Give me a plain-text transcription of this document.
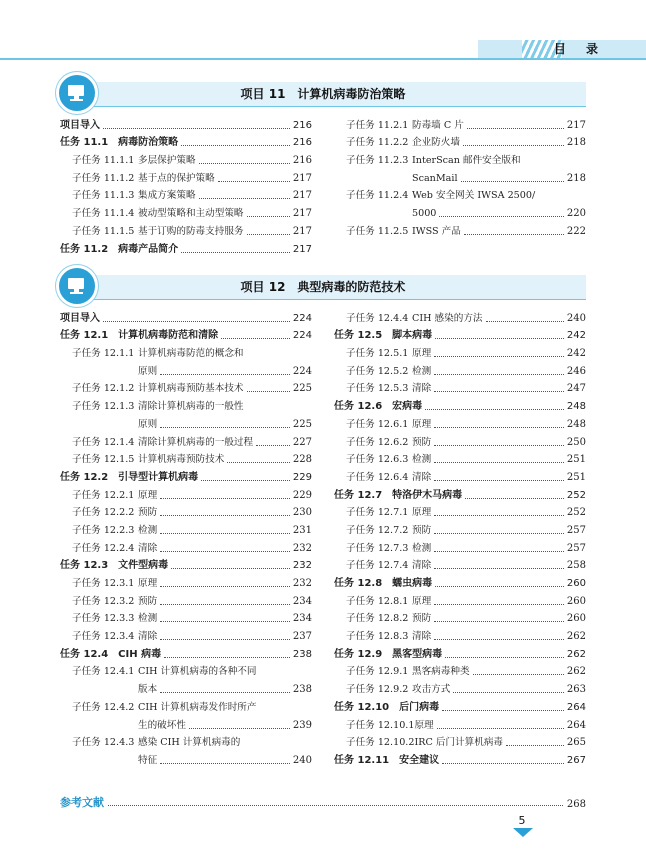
目 录
项目 11　计算机病毒防治策略
项目导入	216
任务 11.1 病毒防治策略	216
子任务 11.1.1 多层保护策略	216
子任务 11.1.2 基于点的保护策略	217
子任务 11.1.3 集成方案策略	217
子任务 11.1.4 被动型策略和主动型策略	217
子任务 11.1.5 基于订购的防毒支持服务	217
任务 11.2 病毒产品简介	217
子任务 11.2.1 防毒墙 C 片	217
子任务 11.2.2 企业防火墙	218
子任务 11.2.3 InterScan 邮件安全版和
ScanMail	218
子任务 11.2.4 Web 安全网关 IWSA 2500/
5000	220
子任务 11.2.5 IWSS 产品	222
项目 12　典型病毒的防范技术
项目导入	224
任务 12.1 计算机病毒防范和清除	224
子任务 12.1.1 计算机病毒防范的概念和
原则	224
子任务 12.1.2 计算机病毒预防基本技术	225
子任务 12.1.3 清除计算机病毒的一般性
原则	225
子任务 12.1.4 清除计算机病毒的一般过程	227
子任务 12.1.5 计算机病毒预防技术	228
任务 12.2 引导型计算机病毒	229
子任务 12.2.1 原理	229
子任务 12.2.2 预防	230
子任务 12.2.3 检测	231
子任务 12.2.4 清除	232
任务 12.3 文件型病毒	232
子任务 12.3.1 原理	232
子任务 12.3.2 预防	234
子任务 12.3.3 检测	234
子任务 12.3.4 清除	237
任务 12.4 CIH 病毒	238
子任务 12.4.1 CIH 计算机病毒的各种不同
版本	238
子任务 12.4.2 CIH 计算机病毒发作时所产
生的破坏性	239
子任务 12.4.3 感染 CIH 计算机病毒的
特征	240
子任务 12.4.4 CIH 感染的方法	240
任务 12.5 脚本病毒	242
子任务 12.5.1 原理	242
子任务 12.5.2 检测	246
子任务 12.5.3 清除	247
任务 12.6 宏病毒	248
子任务 12.6.1 原理	248
子任务 12.6.2 预防	250
子任务 12.6.3 检测	251
子任务 12.6.4 清除	251
任务 12.7 特洛伊木马病毒	252
子任务 12.7.1 原理	252
子任务 12.7.2 预防	257
子任务 12.7.3 检测	257
子任务 12.7.4 清除	258
任务 12.8 蠕虫病毒	260
子任务 12.8.1 原理	260
子任务 12.8.2 预防	260
子任务 12.8.3 清除	262
任务 12.9 黑客型病毒	262
子任务 12.9.1 黑客病毒种类	262
子任务 12.9.2 攻击方式	263
任务 12.10 后门病毒	264
子任务 12.10.1原理	264
子任务 12.10.2IRC 后门计算机病毒	265
任务 12.11 安全建议	267
参考文献	268
5
